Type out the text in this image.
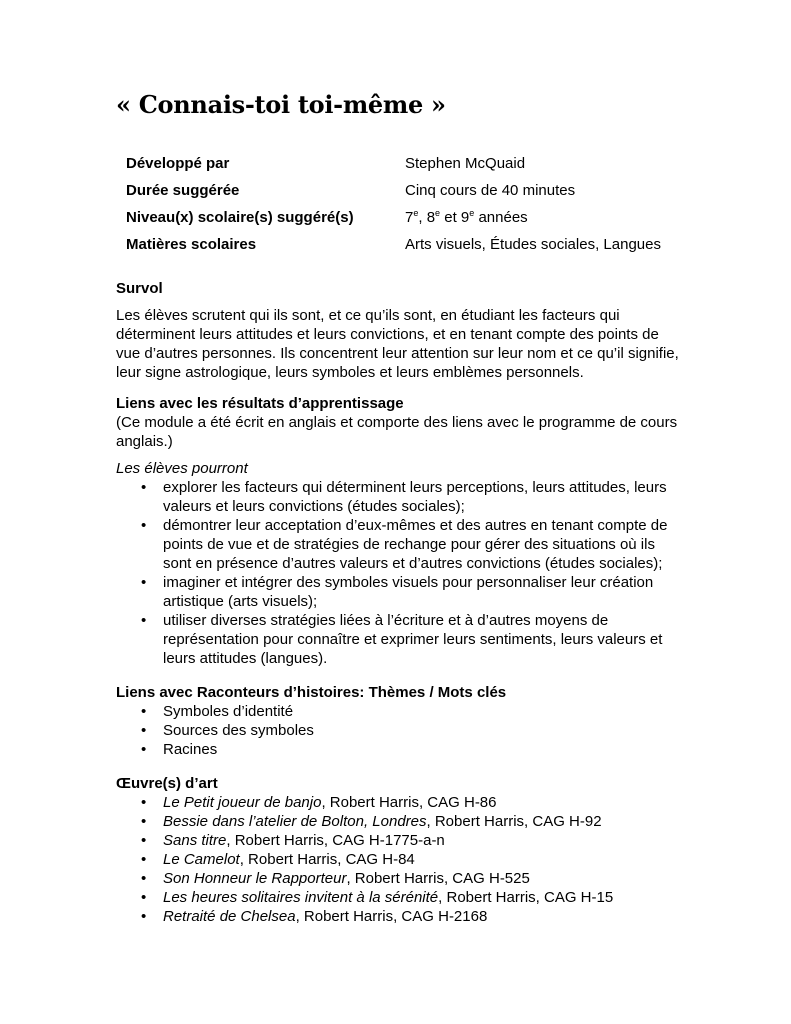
« Connais-toi toi-même »
Développé par	Stephen McQuaid
Durée suggérée	Cinq cours de 40 minutes
Niveau(x) scolaire(s) suggéré(s)	7e, 8e et 9e années
Matières scolaires	Arts visuels, Études sociales, Langues

Survol

Les élèves scrutent qui ils sont, et ce qu’ils sont, en étudiant les facteurs qui déterminent leurs attitudes et leurs convictions, et en tenant compte des points de vue d’autres personnes. Ils concentrent leur attention sur leur nom et ce qu’il signifie, leur signe astrologique, leurs symboles et leurs emblèmes personnels.

Liens avec les résultats d’apprentissage

(Ce module a été écrit en anglais et comporte des liens avec le programme de cours anglais.)

Les élèves pourront

• explorer les facteurs qui déterminent leurs perceptions, leurs attitudes, leurs valeurs et leurs convictions (études sociales);
• démontrer leur acceptation d’eux-mêmes et des autres en tenant compte de points de vue et de stratégies de rechange pour gérer des situations où ils sont en présence d’autres valeurs et d’autres convictions (études sociales);
• imaginer et intégrer des symboles visuels pour personnaliser leur création artistique (arts visuels);
• utiliser diverses stratégies liées à l’écriture et à d’autres moyens de représentation pour connaître et exprimer leurs sentiments, leurs valeurs et leurs attitudes (langues).

Liens avec Raconteurs d’histoires: Thèmes / Mots clés

• Symboles d’identité
• Sources des symboles
• Racines

Œuvre(s) d’art

• Le Petit joueur de banjo, Robert Harris, CAG H-86
• Bessie dans l’atelier de Bolton, Londres, Robert Harris, CAG H-92
• Sans titre, Robert Harris, CAG H-1775-a-n
• Le Camelot, Robert Harris, CAG H-84
• Son Honneur le Rapporteur, Robert Harris, CAG H-525
• Les heures solitaires invitent à la sérénité, Robert Harris, CAG H-15
• Retraité de Chelsea, Robert Harris, CAG H-2168
